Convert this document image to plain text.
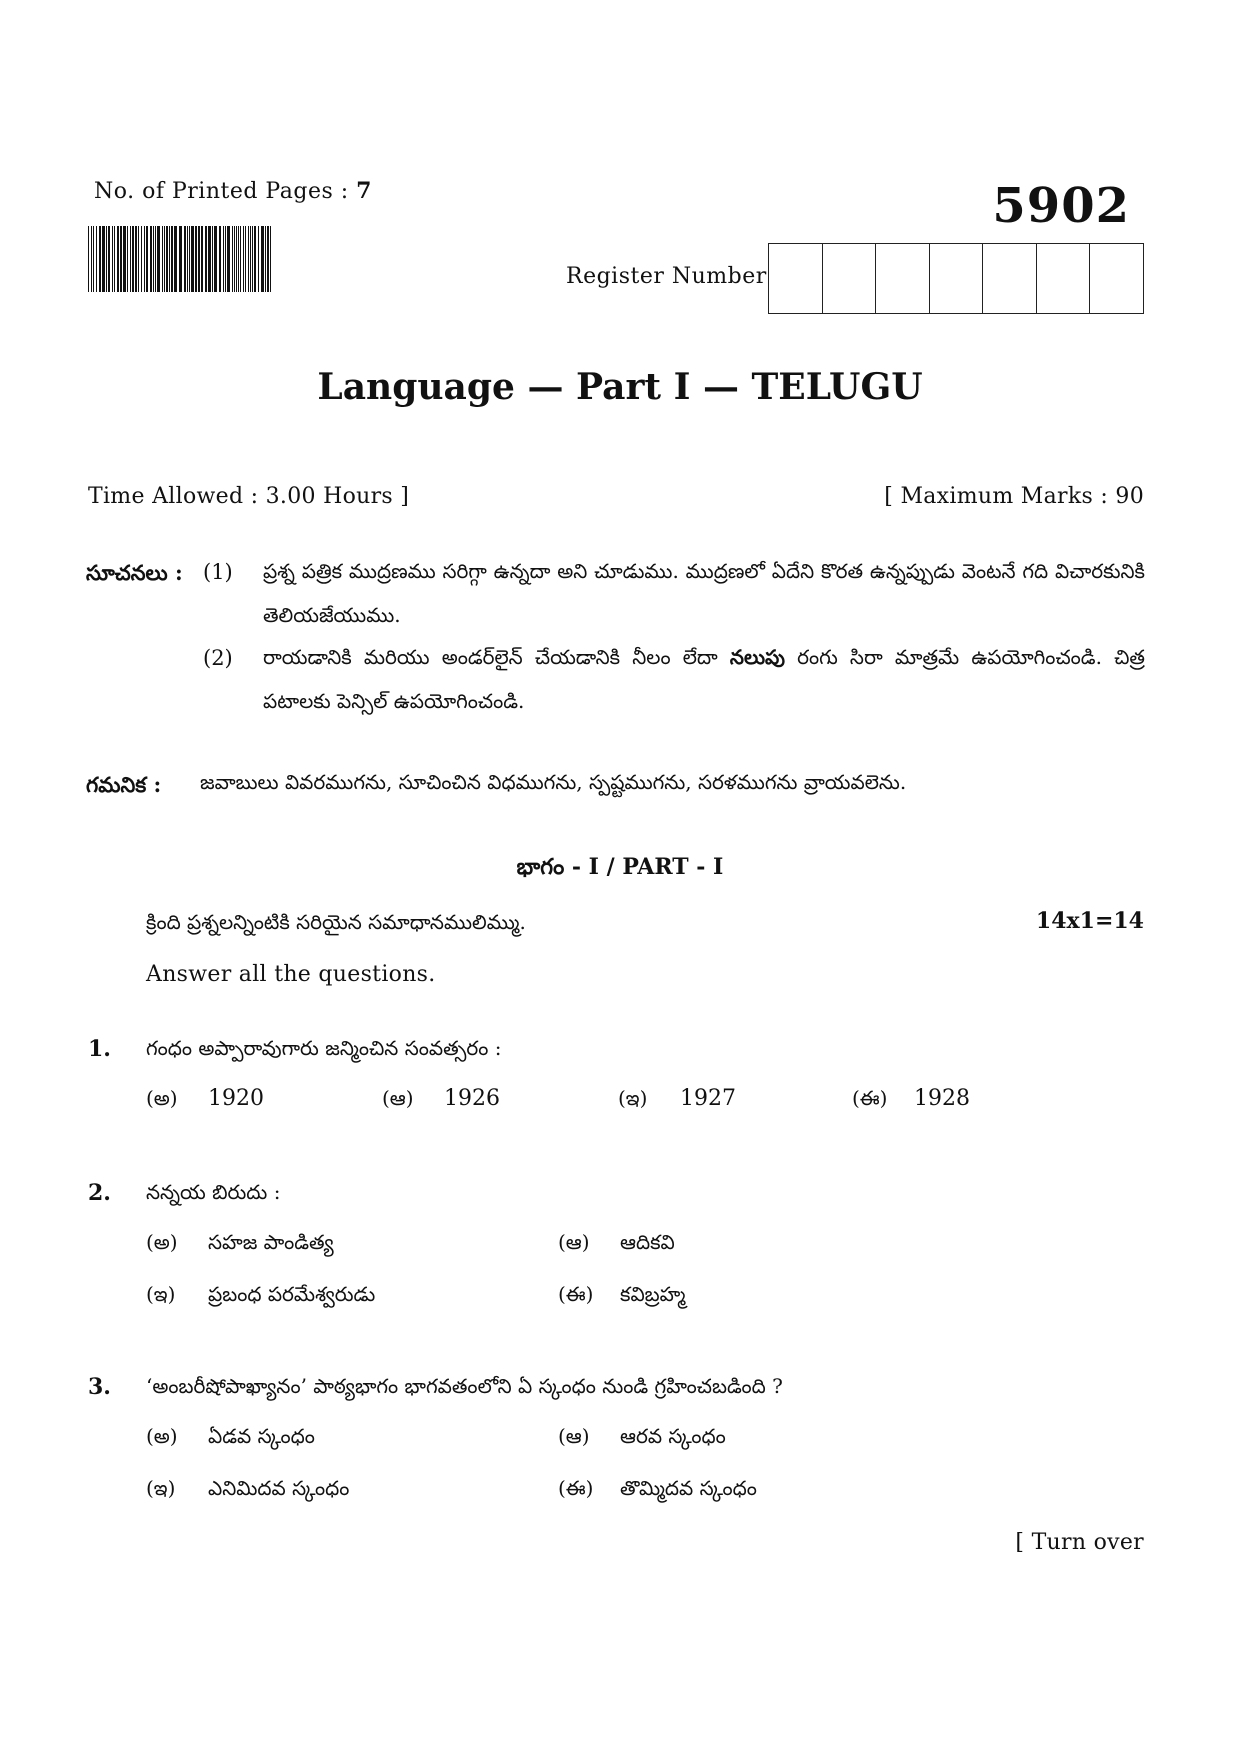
No. of Printed Pages : 7	5902
Register Number
Language — Part I — TELUGU
Time Allowed : 3.00 Hours ]	[ Maximum Marks : 90
సూచనలు : (1) ప్రశ్న పత్రిక ముద్రణము సరిగ్గా ఉన్నదా అని చూడుము. ముద్రణలో ఏదేని కొరత ఉన్నప్పుడు వెంటనే గది విచారకునికి తెలియజేయుము.
(2) రాయడానికి మరియు అండర్‌లైన్ చేయడానికి నీలం లేదా నలుపు రంగు సిరా మాత్రమే ఉపయోగించండి. చిత్ర పటాలకు పెన్సిల్ ఉపయోగించండి.
గమనిక : జవాబులు వివరముగను, సూచించిన విధముగను, స్పష్టముగను, సరళముగను వ్రాయవలెను.
భాగం - I / PART - I
క్రింది ప్రశ్నలన్నింటికి సరియైన సమాధానములిమ్ము.	14x1=14
Answer all the questions.
1. గంధం అప్పారావుగారు జన్మించిన సంవత్సరం :
(అ)	1920	(ఆ)	1926	(ఇ)	1927	(ఈ)	1928
2. నన్నయ బిరుదు :
(అ)	సహజ పాండిత్య	(ఆ)	ఆదికవి
(ఇ)	ప్రబంధ పరమేశ్వరుడు	(ఈ)	కవిబ్రహ్మ
3. ‘అంబరీషోపాఖ్యానం’ పాఠ్యభాగం భాగవతంలోని ఏ స్కంధం నుండి గ్రహించబడింది ?
(అ)	ఏడవ స్కంధం	(ఆ)	ఆరవ స్కంధం
(ఇ)	ఎనిమిదవ స్కంధం	(ఈ)	తొమ్మిదవ స్కంధం
[ Turn over
